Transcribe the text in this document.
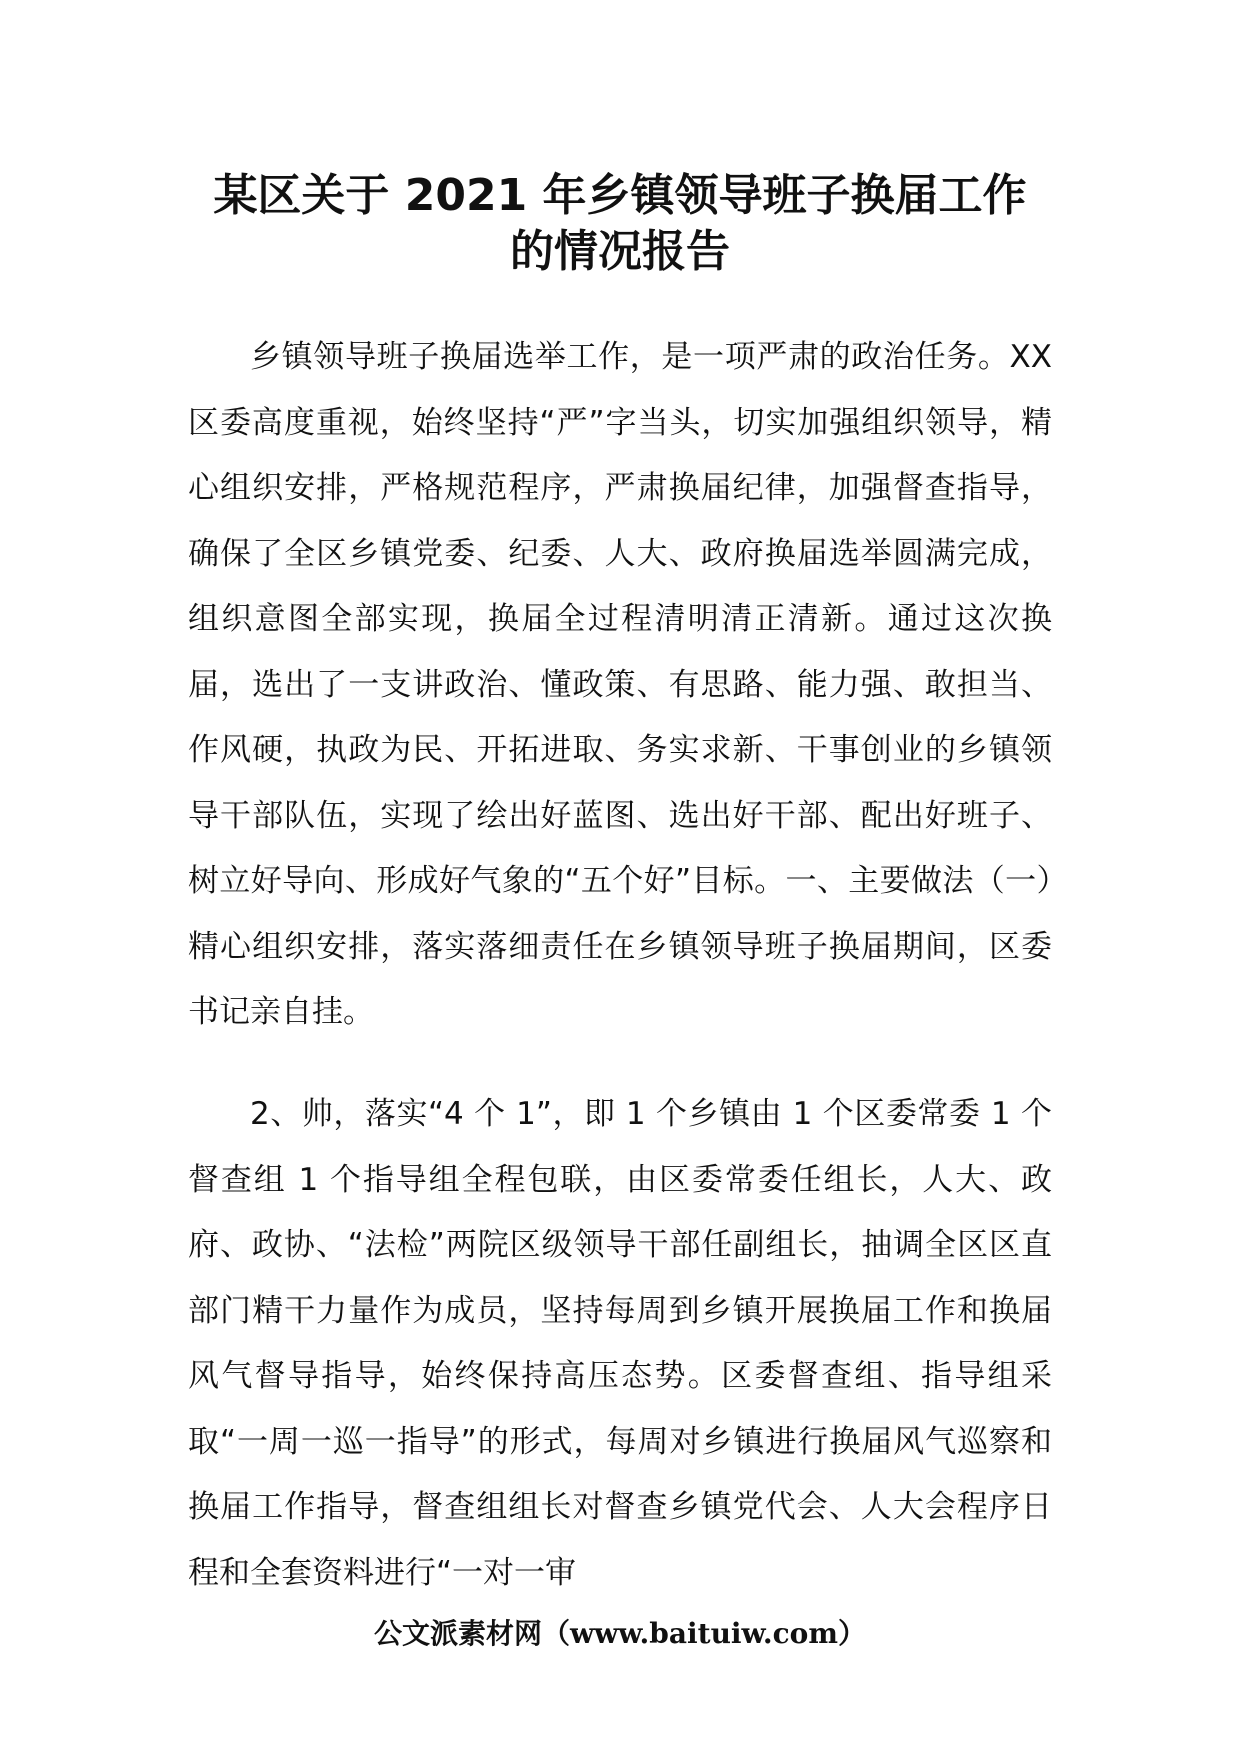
某区关于 2021 年乡镇领导班子换届工作
的情况报告

乡镇领导班子换届选举工作，是一项严肃的政治任务。XX 区委高度重视，始终坚持“严”字当头，切实加强组织领导，精心组织安排，严格规范程序，严肃换届纪律，加强督查指导，确保了全区乡镇党委、纪委、人大、政府换届选举圆满完成，组织意图全部实现，换届全过程清明清正清新。通过这次换届，选出了一支讲政治、懂政策、有思路、能力强、敢担当、作风硬，执政为民、开拓进取、务实求新、干事创业的乡镇领导干部队伍，实现了绘出好蓝图、选出好干部、配出好班子、树立好导向、形成好气象的“五个好”目标。一、主要做法（一）精心组织安排，落实落细责任在乡镇领导班子换届期间，区委书记亲自挂。

2、帅，落实“4 个 1”，即 1 个乡镇由 1 个区委常委 1 个督查组 1 个指导组全程包联，由区委常委任组长，人大、政府、政协、“法检”两院区级领导干部任副组长，抽调全区区直部门精干力量作为成员，坚持每周到乡镇开展换届工作和换届风气督导指导，始终保持高压态势。区委督查组、指导组采取“一周一巡一指导”的形式，每周对乡镇进行换届风气巡察和换届工作指导，督查组组长对督查乡镇党代会、人大会程序日程和全套资料进行“一对一审

公文派素材网（www.baituiw.com）
